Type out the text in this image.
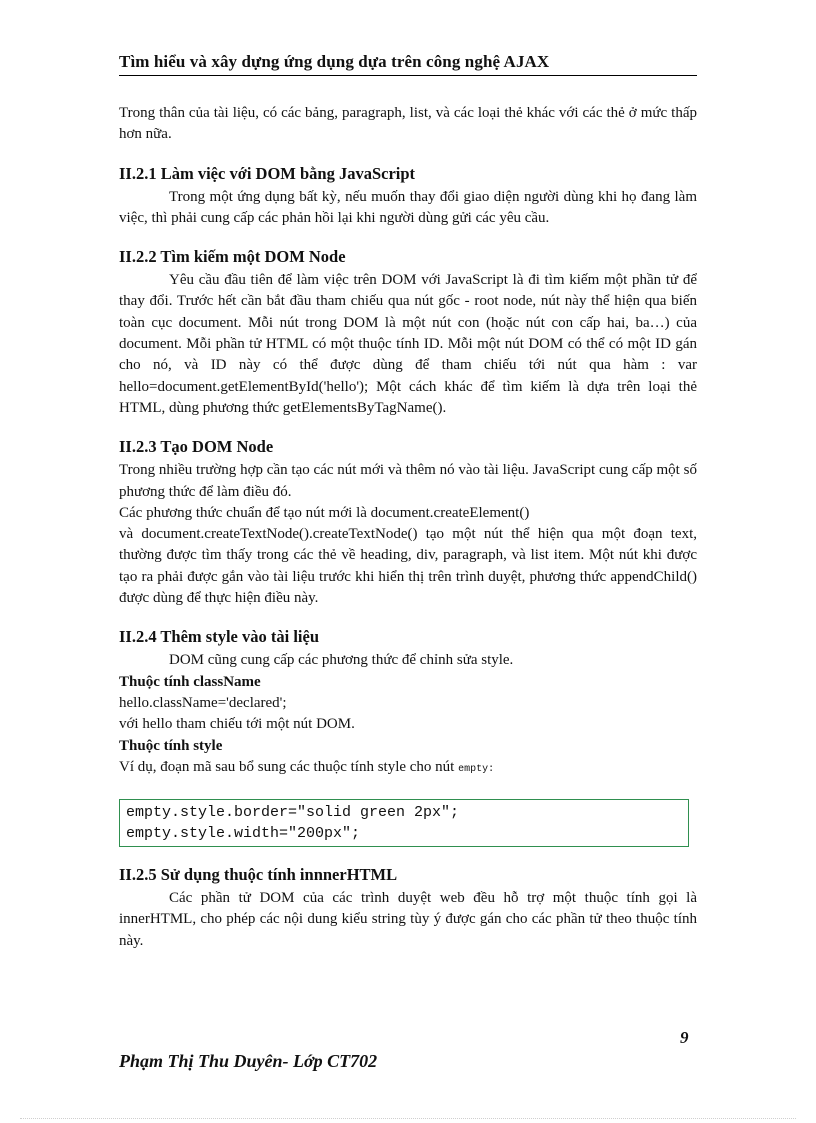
Tìm hiểu và xây dựng ứng dụng dựa trên công nghệ AJAX

Trong thân của tài liệu, có các bảng, paragraph, list, và các loại thẻ khác với các thẻ ở mức thấp hơn nữa.

II.2.1 Làm việc với DOM bằng JavaScript

Trong một ứng dụng bất kỳ, nếu muốn thay đổi giao diện người dùng khi họ đang làm việc, thì phải cung cấp các phản hồi lại khi người dùng gửi các yêu cầu.

II.2.2 Tìm kiếm một DOM Node

Yêu cầu đầu tiên để làm việc trên DOM với JavaScript là đi tìm kiếm một phần tử để thay đổi. Trước hết cần bắt đầu tham chiếu qua nút gốc - root node, nút này thể hiện qua biến toàn cục document. Mỗi nút trong DOM là một nút con (hoặc nút con cấp hai, ba…) của document. Mỗi phần tử HTML có một thuộc tính ID. Mỗi một nút DOM có thể có một ID gán cho nó, và ID này có thể được dùng để tham chiếu tới nút qua hàm : var hello=document.getElementById('hello'); Một cách khác để tìm kiếm là dựa trên loại thẻ HTML, dùng phương thức getElementsByTagName().

II.2.3 Tạo DOM Node

Trong nhiều trường hợp cần tạo các nút mới và thêm nó vào tài liệu. JavaScript cung cấp một số phương thức để làm điều đó.

Các phương thức chuẩn để tạo nút mới là document.createElement()

và document.createTextNode().createTextNode() tạo một nút thể hiện qua một đoạn text, thường được tìm thấy trong các thẻ về heading, div, paragraph, và list item. Một nút khi được tạo ra phải được gắn vào tài liệu trước khi hiển thị trên trình duyệt, phương thức appendChild() được dùng để thực hiện điều này.

II.2.4 Thêm style vào tài liệu

DOM cũng cung cấp các phương thức để chỉnh sửa style.

Thuộc tính className

hello.className='declared';

với hello tham chiếu tới một nút DOM.

Thuộc tính style

Ví dụ, đoạn mã sau bổ sung các thuộc tính style cho nút empty:

empty.style.border="solid green 2px";
empty.style.width="200px";
II.2.5 Sử dụng thuộc tính innnerHTML

Các phần tử DOM của các trình duyệt web đều hỗ trợ một thuộc tính gọi là innerHTML, cho phép các nội dung kiểu string tùy ý được gán cho các phần tử theo thuộc tính này.

9
Phạm Thị Thu Duyên- Lớp CT702
